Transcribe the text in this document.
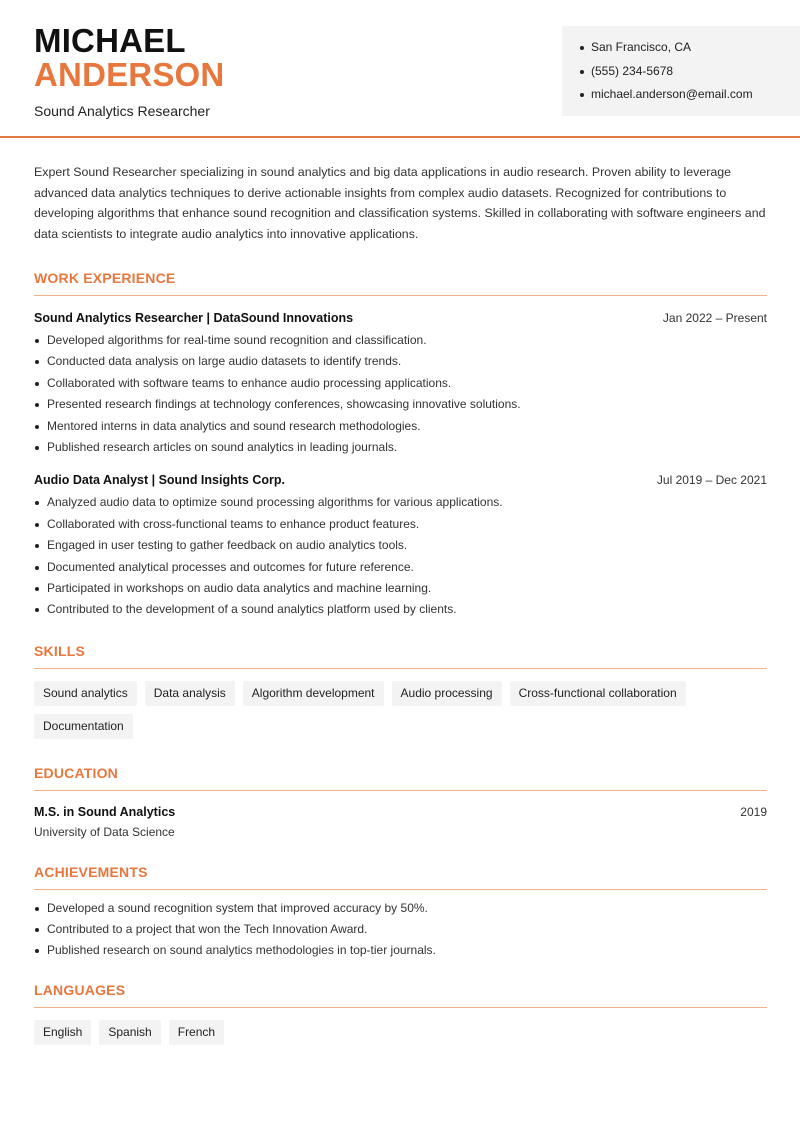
MICHAEL
ANDERSON
Sound Analytics Researcher
San Francisco, CA
(555) 234-5678
michael.anderson@email.com

Expert Sound Researcher specializing in sound analytics and big data applications in audio research. Proven ability to leverage advanced data analytics techniques to derive actionable insights from complex audio datasets. Recognized for contributions to developing algorithms that enhance sound recognition and classification systems. Skilled in collaborating with software engineers and data scientists to integrate audio analytics into innovative applications.

WORK EXPERIENCE
Sound Analytics Researcher | DataSound Innovations	Jan 2022 – Present
Developed algorithms for real-time sound recognition and classification.
Conducted data analysis on large audio datasets to identify trends.
Collaborated with software teams to enhance audio processing applications.
Presented research findings at technology conferences, showcasing innovative solutions.
Mentored interns in data analytics and sound research methodologies.
Published research articles on sound analytics in leading journals.
Audio Data Analyst | Sound Insights Corp.	Jul 2019 – Dec 2021
Analyzed audio data to optimize sound processing algorithms for various applications.
Collaborated with cross-functional teams to enhance product features.
Engaged in user testing to gather feedback on audio analytics tools.
Documented analytical processes and outcomes for future reference.
Participated in workshops on audio data analytics and machine learning.
Contributed to the development of a sound analytics platform used by clients.
SKILLS
Sound analytics	Data analysis	Algorithm development	Audio processing	Cross-functional collaboration
Documentation
EDUCATION
M.S. in Sound Analytics	2019
University of Data Science
ACHIEVEMENTS
Developed a sound recognition system that improved accuracy by 50%.
Contributed to a project that won the Tech Innovation Award.
Published research on sound analytics methodologies in top-tier journals.
LANGUAGES
English	Spanish	French
